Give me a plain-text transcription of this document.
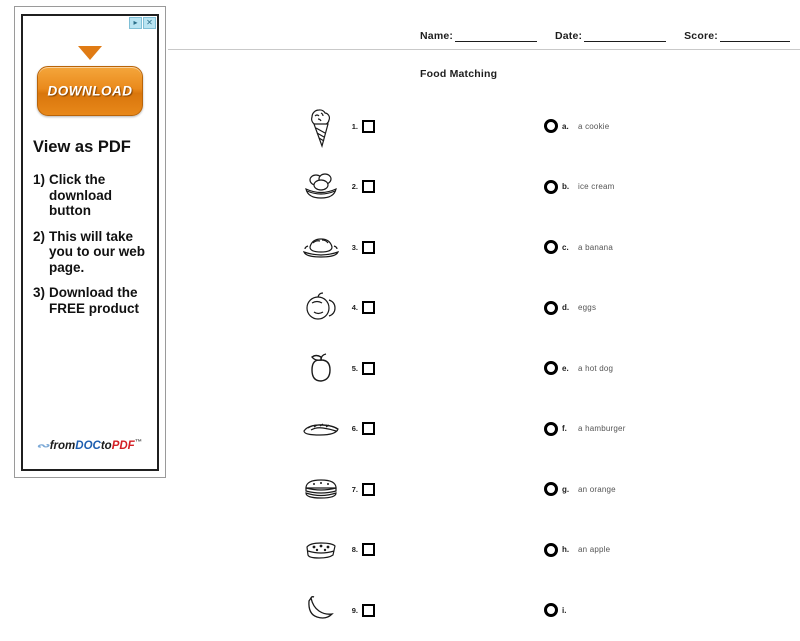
▸	✕
DOWNLOAD
View as PDF
1) Click the download button
2) This will take you to our web page.
3) Download the FREE product
∾fromDOCtoPDF™
Name:	Date:	Score:
Food Matching
1.
2.
3.
4.
5.
6.
7.
8.
9.
a.	a cookie
b.	ice cream
c.	a banana
d.	eggs
e.	a hot dog
f.	a hamburger
g.	an orange
h.	an apple
i.
